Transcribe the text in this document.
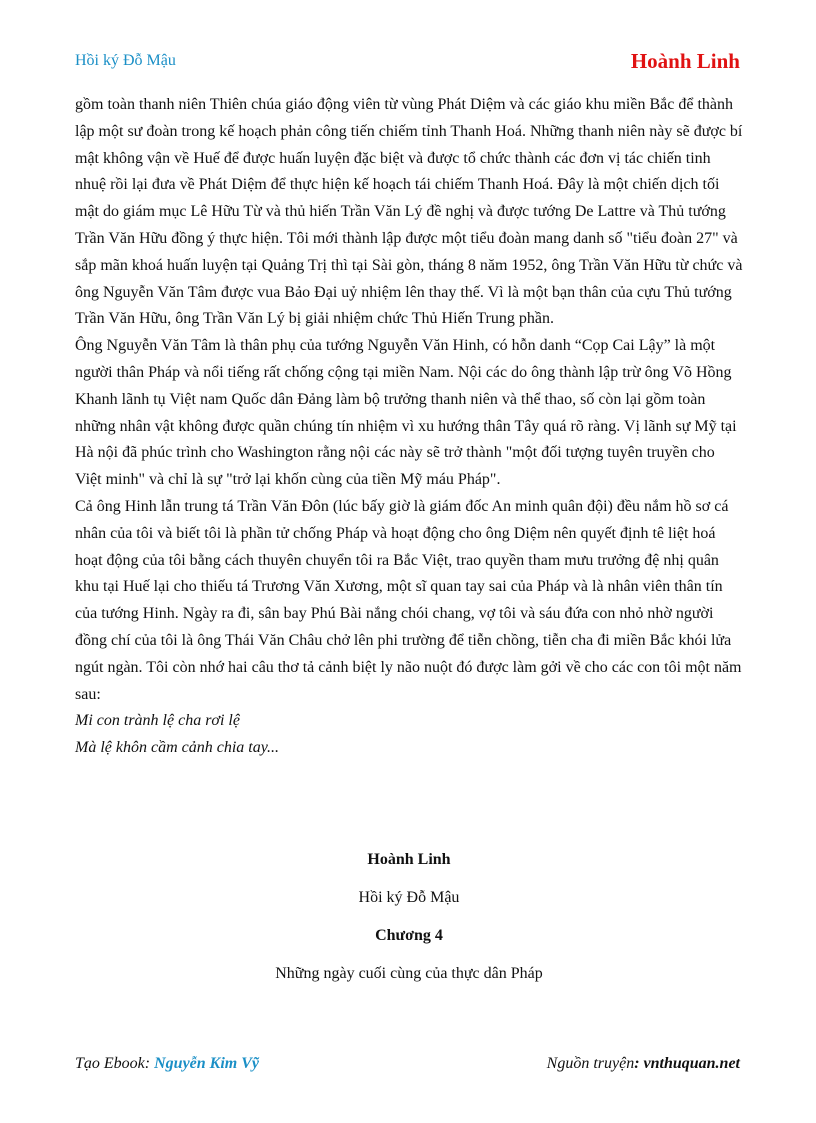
Hồi ký Đỗ Mậu	Hoành Linh

gồm toàn thanh niên Thiên chúa giáo động viên từ vùng Phát Diệm và các giáo khu miền Bắc để thành lập một sư đoàn trong kế hoạch phản công tiến chiếm tỉnh Thanh Hoá. Những thanh niên này sẽ được bí mật không vận về Huế để được huấn luyện đặc biệt và được tổ chức thành các đơn vị tác chiến tinh nhuệ rồi lại đưa về Phát Diệm để thực hiện kế hoạch tái chiếm Thanh Hoá. Đây là một chiến dịch tối mật do giám mục Lê Hữu Từ và thủ hiến Trần Văn Lý đề nghị và được tướng De Lattre và Thủ tướng Trần Văn Hữu đồng ý thực hiện. Tôi mới thành lập được một tiểu đoàn mang danh số "tiểu đoàn 27" và sắp mãn khoá huấn luyện tại Quảng Trị thì tại Sài gòn, tháng 8 năm 1952, ông Trần Văn Hữu từ chức và ông Nguyễn Văn Tâm được vua Bảo Đại uỷ nhiệm lên thay thế. Vì là một bạn thân của cựu Thủ tướng Trần Văn Hữu, ông Trần Văn Lý bị giải nhiệm chức Thủ Hiến Trung phần.

Ông Nguyễn Văn Tâm là thân phụ của tướng Nguyễn Văn Hinh, có hỗn danh “Cọp Cai Lậy” là một người thân Pháp và nổi tiếng rất chống cộng tại miền Nam. Nội các do ông thành lập trừ ông Võ Hồng Khanh lãnh tụ Việt nam Quốc dân Đảng làm bộ trưởng thanh niên và thể thao, số còn lại gồm toàn những nhân vật không được quần chúng tín nhiệm vì xu hướng thân Tây quá rõ ràng. Vị lãnh sự Mỹ tại Hà nội đã phúc trình cho Washington rằng nội các này sẽ trở thành "một đối tượng tuyên truyền cho Việt minh" và chỉ là sự "trở lại khốn cùng của tiền Mỹ máu Pháp".

Cả ông Hinh lẫn trung tá Trần Văn Đôn (lúc bấy giờ là giám đốc An minh quân đội) đều nắm hồ sơ cá nhân của tôi và biết tôi là phần tử chống Pháp và hoạt động cho ông Diệm nên quyết định tê liệt hoá hoạt động của tôi bằng cách thuyên chuyển tôi ra Bắc Việt, trao quyền tham mưu trưởng đệ nhị quân khu tại Huế lại cho thiếu tá Trương Văn Xương, một sĩ quan tay sai của Pháp và là nhân viên thân tín của tướng Hinh. Ngày ra đi, sân bay Phú Bài nắng chói chang, vợ tôi và sáu đứa con nhỏ nhờ người đồng chí của tôi là ông Thái Văn Châu chở lên phi trường để tiễn chồng, tiễn cha đi miền Bắc khói lửa ngút ngàn. Tôi còn nhớ hai câu thơ tả cảnh biệt ly não nuột đó được làm gởi về cho các con tôi một năm sau:

Mi con trành lệ cha rơi lệ

Mà lệ khôn cầm cảnh chia tay...

Hoành Linh
Hồi ký Đỗ Mậu
Chương 4
Những ngày cuối cùng của thực dân Pháp
Tạo Ebook: Nguyễn Kim Vỹ	Nguồn truyện: vnthuquan.net
